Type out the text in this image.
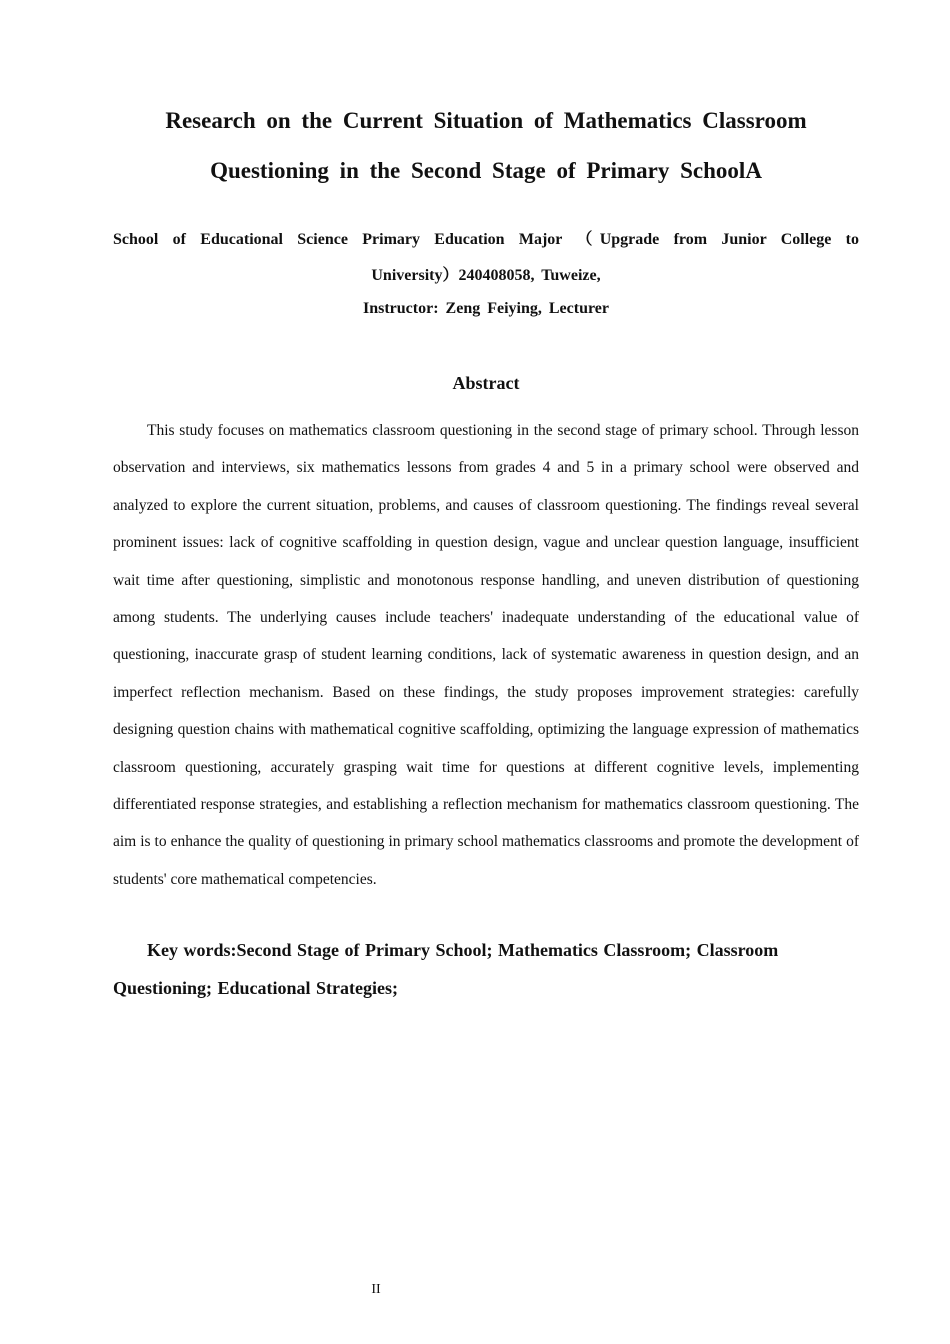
Research on the Current Situation of Mathematics Classroom
Questioning in the Second Stage of Primary SchoolA
School of Educational Science Primary Education Major （Upgrade from Junior College to
University）240408058, Tuweize,
Instructor: Zeng Feiying, Lecturer
Abstract

This study focuses on mathematics classroom questioning in the second stage of primary school. Through lesson observation and interviews, six mathematics lessons from grades 4 and 5 in a primary school were observed and analyzed to explore the current situation, problems, and causes of classroom questioning. The findings reveal several prominent issues: lack of cognitive scaffolding in question design, vague and unclear question language, insufficient wait time after questioning, simplistic and monotonous response handling, and uneven distribution of questioning among students. The underlying causes include teachers' inadequate understanding of the educational value of questioning, inaccurate grasp of student learning conditions, lack of systematic awareness in question design, and an imperfect reflection mechanism. Based on these findings, the study proposes improvement strategies: carefully designing question chains with mathematical cognitive scaffolding, optimizing the language expression of mathematics classroom questioning, accurately grasping wait time for questions at different cognitive levels, implementing differentiated response strategies, and establishing a reflection mechanism for mathematics classroom questioning. The aim is to enhance the quality of questioning in primary school mathematics classrooms and promote the development of students' core mathematical competencies.

Key words:Second Stage of Primary School; Mathematics Classroom; Classroom Questioning; Educational Strategies;

II
